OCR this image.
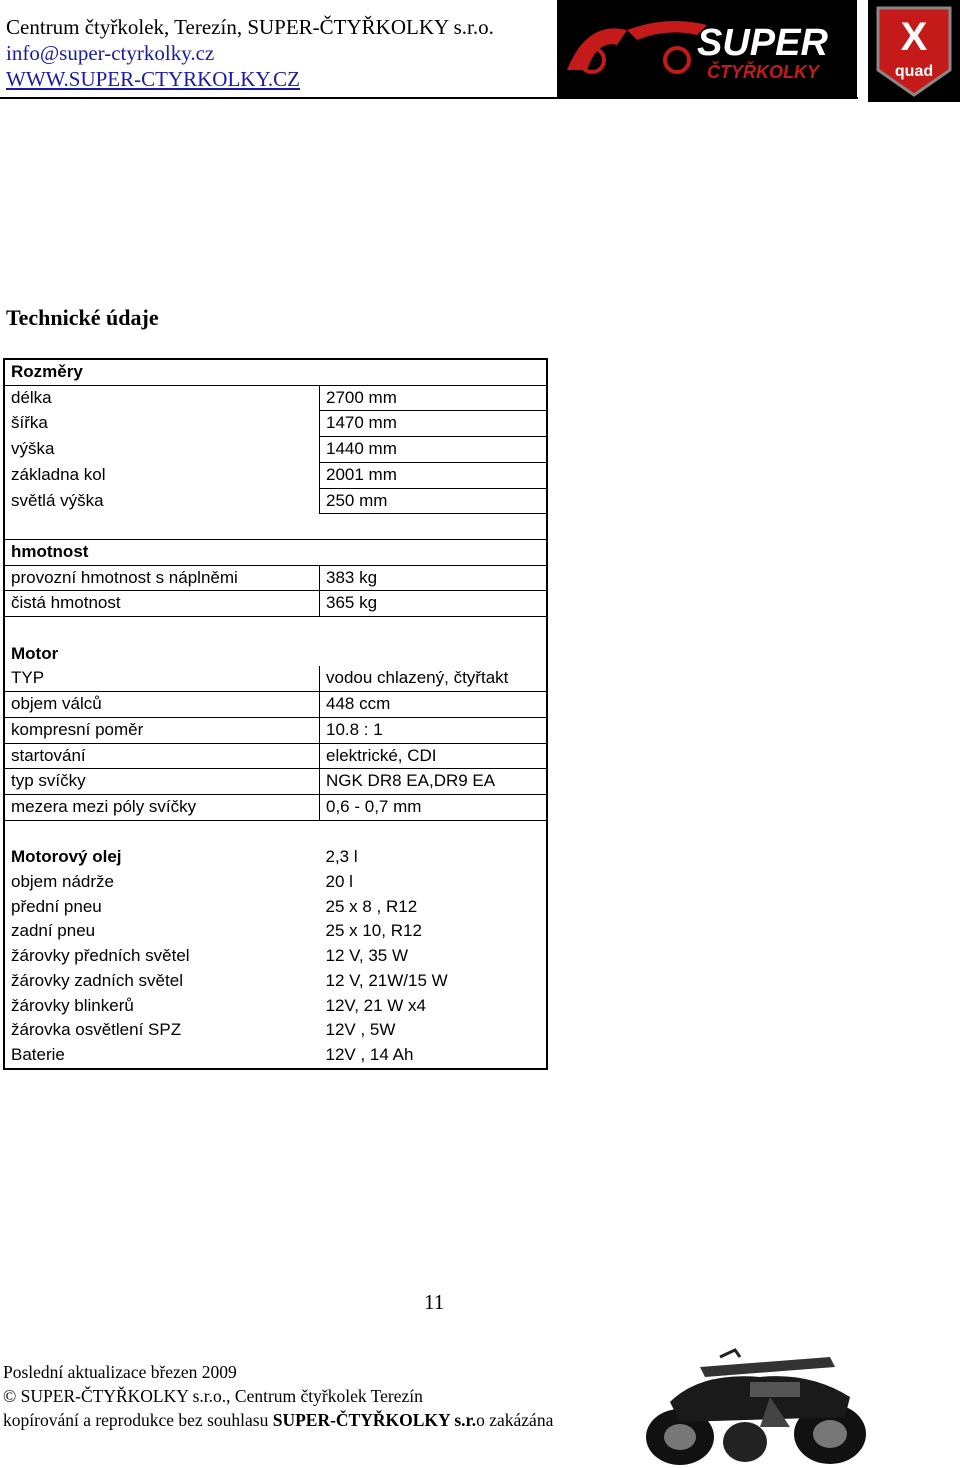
Centrum čtyřkolek, Terezín, SUPER-ČTYŘKOLKY s.r.o.
info@super-ctyrkolky.cz
WWW.SUPER-CTYRKOLKY.CZ
SUPER
ČTYŘKOLKY
X
quad
Technické údaje
Rozměry	
délka	2700 mm
šířka	1470 mm
výška	1440 mm
základna kol	2001 mm
světlá výška	250 mm

hmotnost	
provozní hmotnost s náplněmi	383 kg
čistá hmotnost	365 kg

Motor	
TYP	vodou chlazený, čtyřtakt
objem válců	448 ccm
kompresní poměr	10.8 : 1
startování	elektrické, CDI
typ svíčky	NGK DR8 EA,DR9 EA
mezera mezi póly svíčky	0,6 - 0,7 mm

Motorový olej	2,3 l
objem nádrže	20 l
přední pneu	25 x 8 , R12
zadní pneu	25 x 10, R12
žárovky předních světel	12 V, 35 W
žárovky zadních světel	12 V, 21W/15 W
žárovky blinkerů	12V, 21 W x4
žárovka osvětlení SPZ	12V , 5W
Baterie	12V , 14 Ah
11
Poslední aktualizace březen 2009
© SUPER-ČTYŘKOLKY s.r.o., Centrum čtyřkolek Terezín
kopírování a reprodukce bez souhlasu SUPER-ČTYŘKOLKY s.r.o zakázána
